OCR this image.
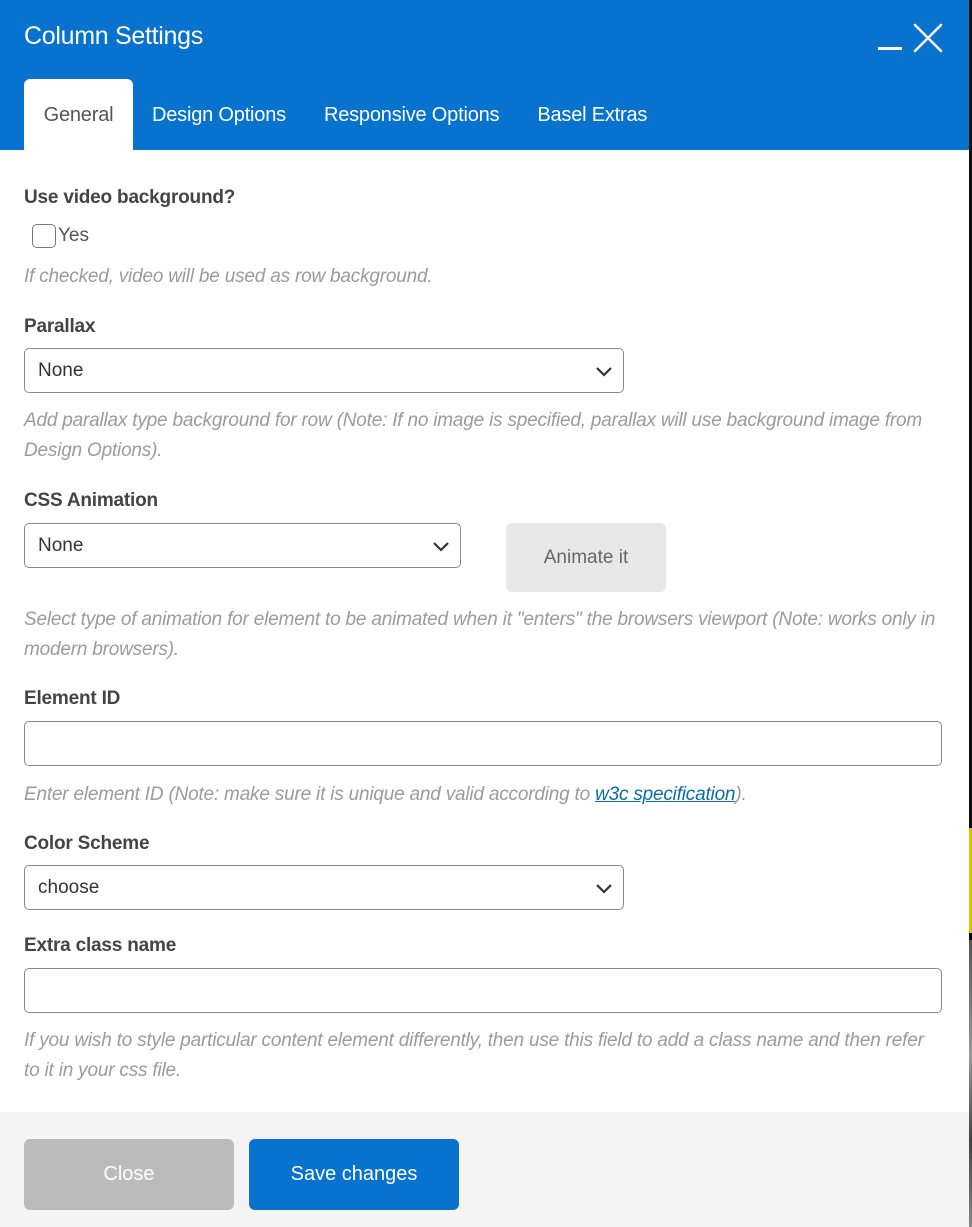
Column Settings
General Design Options Responsive Options Basel Extras
Use video background?
Yes
If checked, video will be used as row background.
Parallax
None
Add parallax type background for row (Note: If no image is specified, parallax will use background image from Design Options).
CSS Animation
None
Animate it
Select type of animation for element to be animated when it "enters" the browsers viewport (Note: works only in modern browsers).
Element ID
Enter element ID (Note: make sure it is unique and valid according to w3c specification).
Color Scheme
choose
Extra class name
If you wish to style particular content element differently, then use this field to add a class name and then refer to it in your css file.
Close	Save changes
